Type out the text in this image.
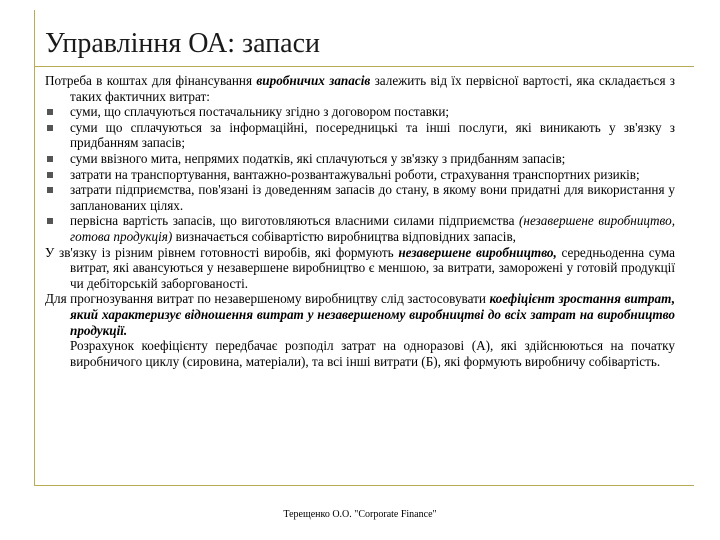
Управління ОА: запаси

Потреба в коштах для фінансування виробничих запасів залежить від їх первісної вартості, яка складається з таких фактичних витрат:

суми, що сплачуються постачальнику згідно з договором поставки;
суми що сплачуються за інформаційні, посередницькі та інші послуги, які виникають у зв'язку з придбанням запасів;
суми ввізного мита, непрямих податків, які сплачуються у зв'язку з придбанням запасів;
затрати на транспортування, вантажно-розвантажувальні роботи, страхування транспортних ризиків;
затрати підприємства, пов'язані із доведенням запасів до стану, в якому вони придатні для використання у запланованих цілях.
первісна вартість запасів, що виготовляються власними силами підприємства (незавершене виробництво, готова продукція) визначається собівартістю виробництва відповідних запасів,

У зв'язку із різним рівнем готовності виробів, які формують незавершене виробництво, середньоденна сума витрат, які авансуються у незавершене виробництво є меншою, за витрати, заморожені у готовій продукції чи дебіторській заборгованості.

Для прогнозування витрат по незавершеному виробництву слід застосовувати коефіцієнт зростання витрат, який характеризує відношення витрат у незавершеному виробництві до всіх затрат на виробництво продукції.

Розрахунок коефіцієнту передбачає розподіл затрат на одноразові (А), які здійснюються на початку виробничого циклу (сировина, матеріали), та всі інші витрати (Б), які формують виробничу собівартість.

Терещенко О.О. "Corporate Finance"
